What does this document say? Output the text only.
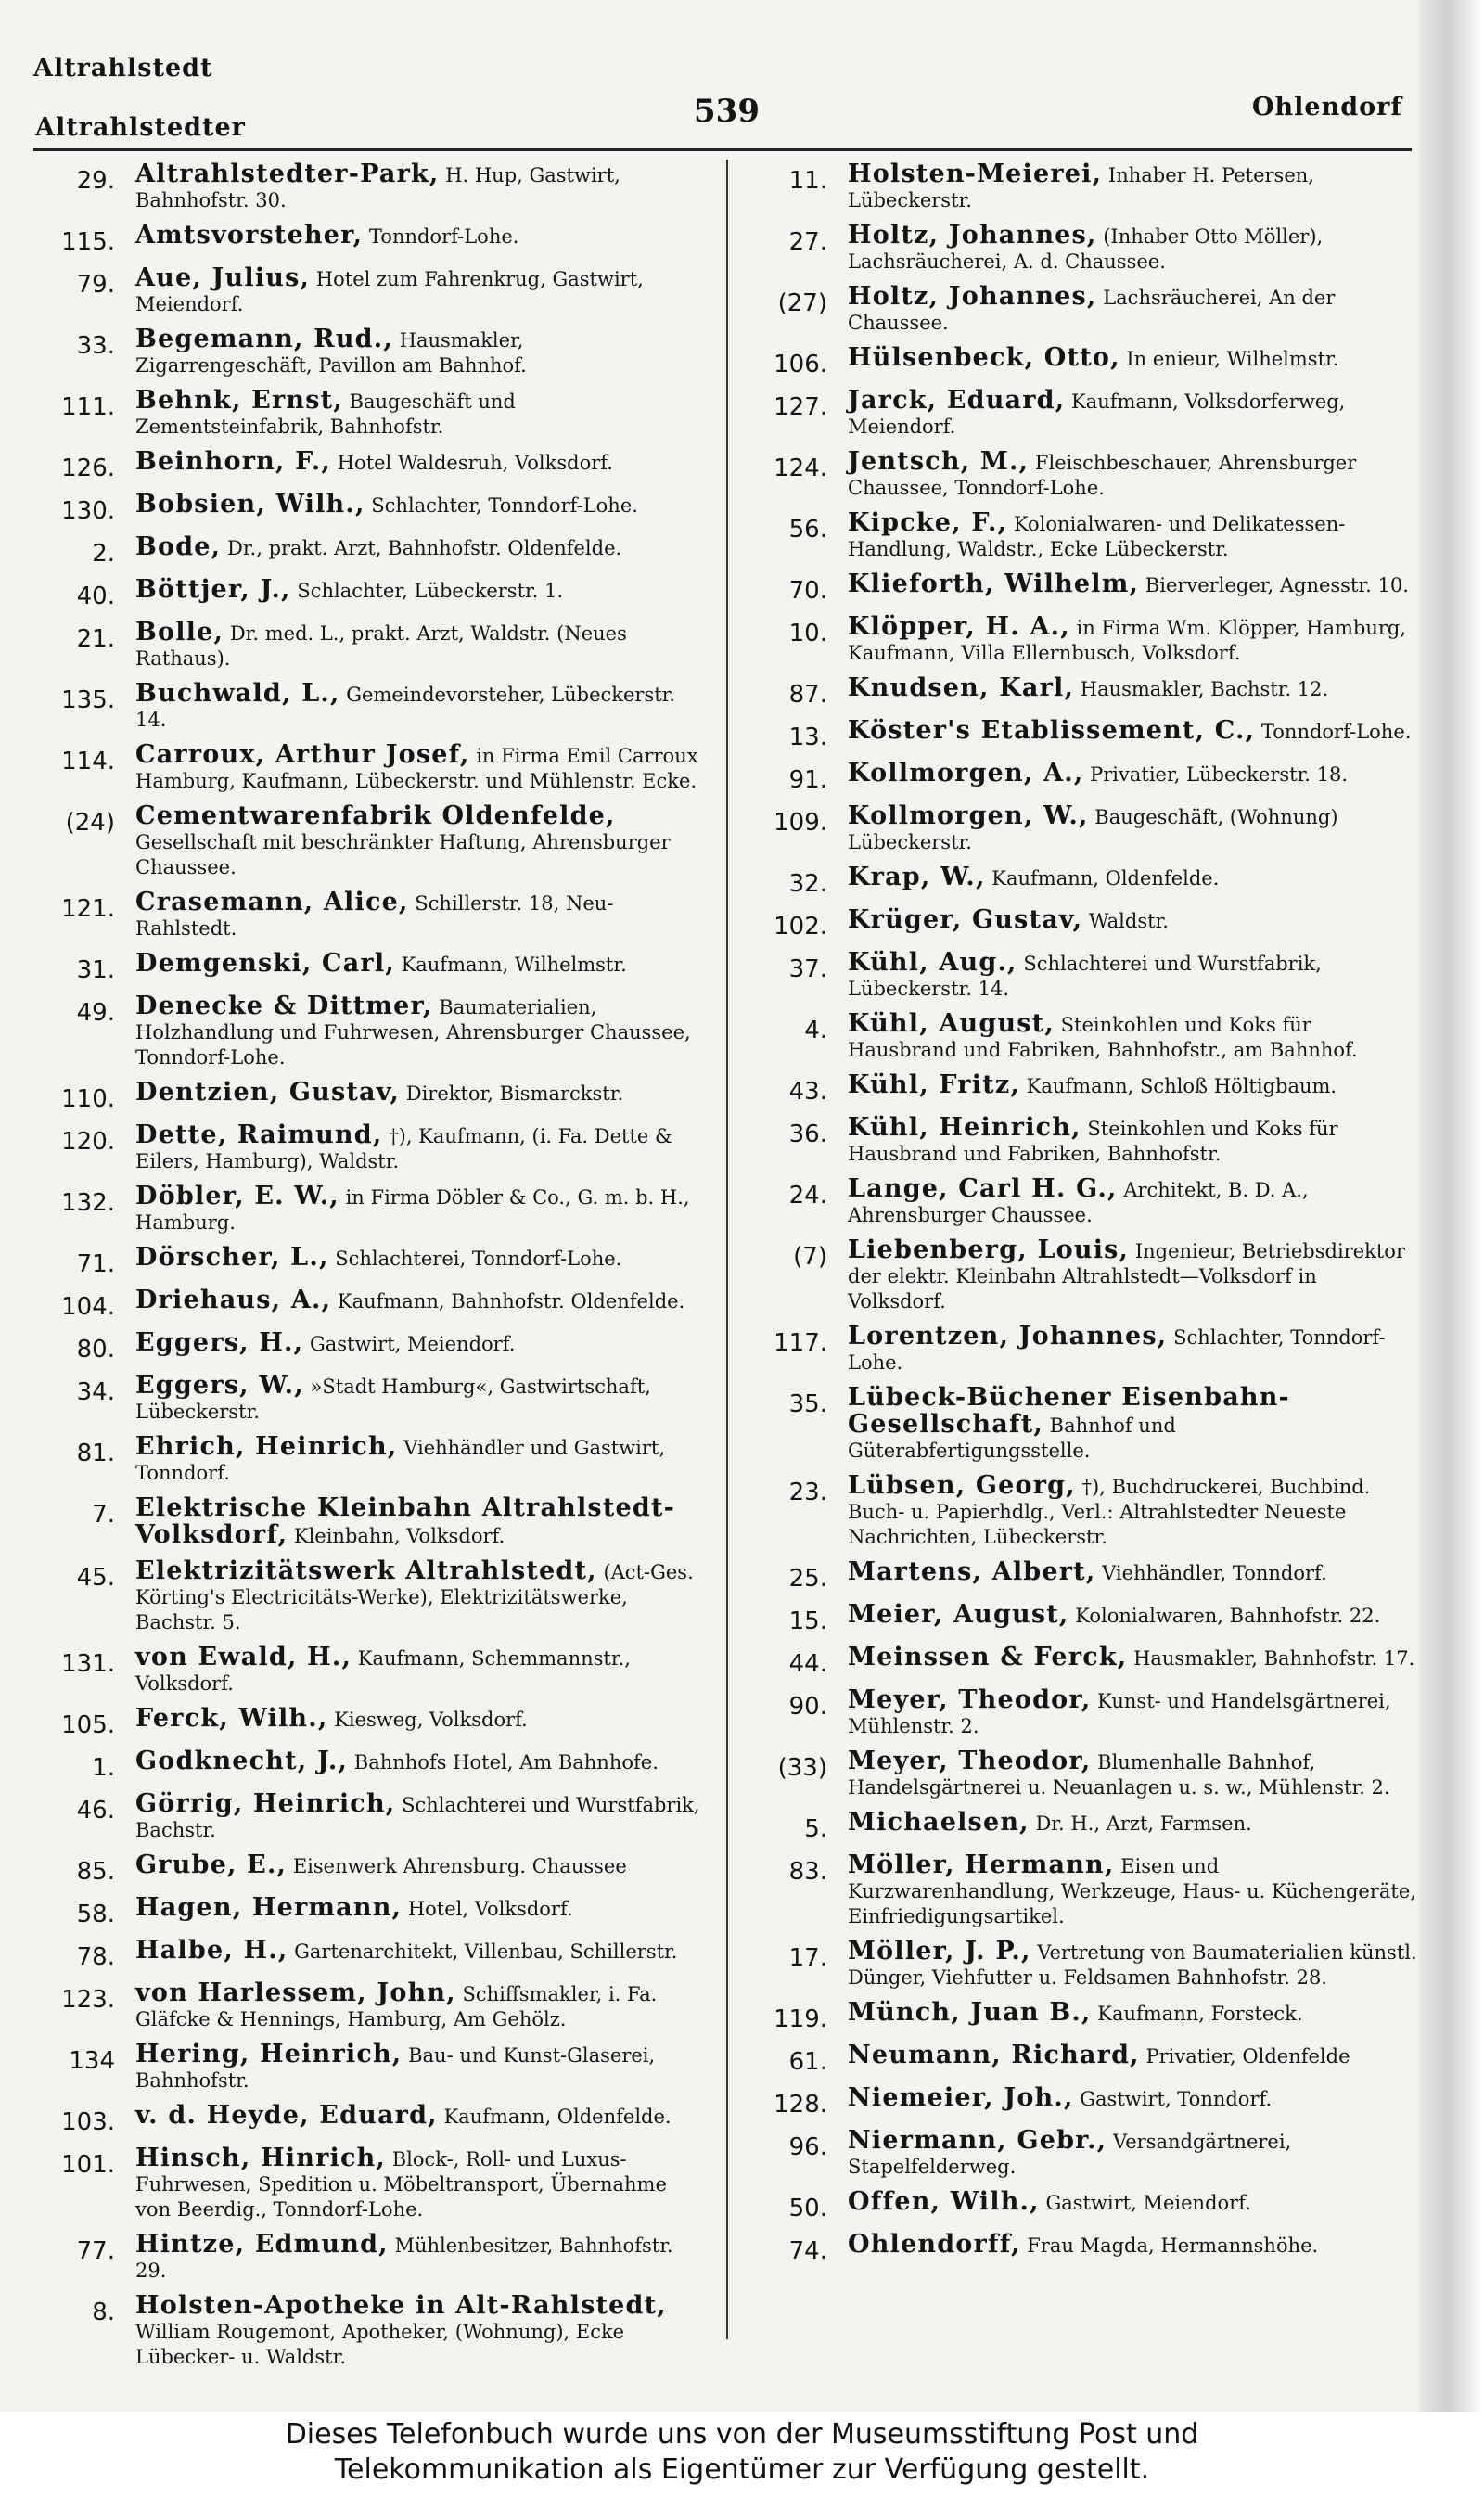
Altrahlstedt
Altrahlstedter	539	Ohlendorf
29. Altrahlstedter-Park, H. Hup, Gastwirt, Bahnhofstr. 30.
115. Amtsvorsteher, Tonndorf-Lohe.
79. Aue, Julius, Hotel zum Fahrenkrug, Gastwirt, Meiendorf.
33. Begemann, Rud., Hausmakler, Zigarrengeschäft, Pavillon am Bahnhof.
111. Behnk, Ernst, Baugeschäft und Zementsteinfabrik, Bahnhofstr.
126. Beinhorn, F., Hotel Waldesruh, Volksdorf.
130. Bobsien, Wilh., Schlachter, Tonndorf-Lohe.
2. Bode, Dr., prakt. Arzt, Bahnhofstr. Oldenfelde.
40. Böttjer, J., Schlachter, Lübeckerstr. 1.
21. Bolle, Dr. med. L., prakt. Arzt, Waldstr. (Neues Rathaus).
135. Buchwald, L., Gemeindevorsteher, Lübeckerstr. 14.
114. Carroux, Arthur Josef, in Firma Emil Carroux Hamburg, Kaufmann, Lübeckerstr. und Mühlenstr. Ecke.
(24) Cementwarenfabrik Oldenfelde, Gesellschaft mit beschränkter Haftung, Ahrensburger Chaussee.
121. Crasemann, Alice, Schillerstr. 18, Neu-Rahlstedt.
31. Demgenski, Carl, Kaufmann, Wilhelmstr.
49. Denecke & Dittmer, Baumaterialien, Holzhandlung und Fuhrwesen, Ahrensburger Chaussee, Tonndorf-Lohe.
110. Dentzien, Gustav, Direktor, Bismarckstr.
120. Dette, Raimund, †), Kaufmann, (i. Fa. Dette & Eilers, Hamburg), Waldstr.
132. Döbler, E. W., in Firma Döbler & Co., G. m. b. H., Hamburg.
71. Dörscher, L., Schlachterei, Tonndorf-Lohe.
104. Driehaus, A., Kaufmann, Bahnhofstr. Oldenfelde.
80. Eggers, H., Gastwirt, Meiendorf.
34. Eggers, W., »Stadt Hamburg«, Gastwirtschaft, Lübeckerstr.
81. Ehrich, Heinrich, Viehhändler und Gastwirt, Tonndorf.
7. Elektrische Kleinbahn Altrahlstedt-Volksdorf, Kleinbahn, Volksdorf.
45. Elektrizitätswerk Altrahlstedt, (Act-Ges. Körting's Electricitäts-Werke), Elektrizitätswerke, Bachstr. 5.
131. von Ewald, H., Kaufmann, Schemmannstr., Volksdorf.
105. Ferck, Wilh., Kiesweg, Volksdorf.
1. Godknecht, J., Bahnhofs Hotel, Am Bahnhofe.
46. Görrig, Heinrich, Schlachterei und Wurstfabrik, Bachstr.
85. Grube, E., Eisenwerk Ahrensburg. Chaussee
58. Hagen, Hermann, Hotel, Volksdorf.
78. Halbe, H., Gartenarchitekt, Villenbau, Schillerstr.
123. von Harlessem, John, Schiffsmakler, i. Fa. Gläfcke & Hennings, Hamburg, Am Gehölz.
134 Hering, Heinrich, Bau- und Kunst-Glaserei, Bahnhofstr.
103. v. d. Heyde, Eduard, Kaufmann, Oldenfelde.
101. Hinsch, Hinrich, Block-, Roll- und Luxus-Fuhrwesen, Spedition u. Möbeltransport, Übernahme von Beerdig., Tonndorf-Lohe.
77. Hintze, Edmund, Mühlenbesitzer, Bahnhofstr. 29.
8. Holsten-Apotheke in Alt-Rahlstedt, William Rougemont, Apotheker, (Wohnung), Ecke Lübecker- u. Waldstr.
11. Holsten-Meierei, Inhaber H. Petersen, Lübeckerstr.
27. Holtz, Johannes, (Inhaber Otto Möller), Lachsräucherei, A. d. Chaussee.
(27) Holtz, Johannes, Lachsräucherei, An der Chaussee.
106. Hülsenbeck, Otto, In enieur, Wilhelmstr.
127. Jarck, Eduard, Kaufmann, Volksdorferweg, Meiendorf.
124. Jentsch, M., Fleischbeschauer, Ahrensburger Chaussee, Tonndorf-Lohe.
56. Kipcke, F., Kolonialwaren- und Delikatessen-Handlung, Waldstr., Ecke Lübeckerstr.
70. Klieforth, Wilhelm, Bierverleger, Agnesstr. 10.
10. Klöpper, H. A., in Firma Wm. Klöpper, Hamburg, Kaufmann, Villa Ellernbusch, Volksdorf.
87. Knudsen, Karl, Hausmakler, Bachstr. 12.
13. Köster's Etablissement, C., Tonndorf-Lohe.
91. Kollmorgen, A., Privatier, Lübeckerstr. 18.
109. Kollmorgen, W., Baugeschäft, (Wohnung) Lübeckerstr.
32. Krap, W., Kaufmann, Oldenfelde.
102. Krüger, Gustav, Waldstr.
37. Kühl, Aug., Schlachterei und Wurstfabrik, Lübeckerstr. 14.
4. Kühl, August, Steinkohlen und Koks für Hausbrand und Fabriken, Bahnhofstr., am Bahnhof.
43. Kühl, Fritz, Kaufmann, Schloß Höltigbaum.
36. Kühl, Heinrich, Steinkohlen und Koks für Hausbrand und Fabriken, Bahnhofstr.
24. Lange, Carl H. G., Architekt, B. D. A., Ahrensburger Chaussee.
(7) Liebenberg, Louis, Ingenieur, Betriebsdirektor der elektr. Kleinbahn Altrahlstedt—Volksdorf in Volksdorf.
117. Lorentzen, Johannes, Schlachter, Tonndorf-Lohe.
35. Lübeck-Büchener Eisenbahn-Gesellschaft, Bahnhof und Güterabfertigungsstelle.
23. Lübsen, Georg, †), Buchdruckerei, Buchbind. Buch- u. Papierhdlg., Verl.: Altrahlstedter Neueste Nachrichten, Lübeckerstr.
25. Martens, Albert, Viehhändler, Tonndorf.
15. Meier, August, Kolonialwaren, Bahnhofstr. 22.
44. Meinssen & Ferck, Hausmakler, Bahnhofstr. 17.
90. Meyer, Theodor, Kunst- und Handelsgärtnerei, Mühlenstr. 2.
(33) Meyer, Theodor, Blumenhalle Bahnhof, Handelsgärtnerei u. Neuanlagen u. s. w., Mühlenstr. 2.
5. Michaelsen, Dr. H., Arzt, Farmsen.
83. Möller, Hermann, Eisen und Kurzwarenhandlung, Werkzeuge, Haus- u. Küchengeräte, Einfriedigungsartikel.
17. Möller, J. P., Vertretung von Baumaterialien künstl. Dünger, Viehfutter u. Feldsamen Bahnhofstr. 28.
119. Münch, Juan B., Kaufmann, Forsteck.
61. Neumann, Richard, Privatier, Oldenfelde
128. Niemeier, Joh., Gastwirt, Tonndorf.
96. Niermann, Gebr., Versandgärtnerei, Stapelfelderweg.
50. Offen, Wilh., Gastwirt, Meiendorf.
74. Ohlendorff, Frau Magda, Hermannshöhe.
Dieses Telefonbuch wurde uns von der Museumsstiftung Post und
Telekommunikation als Eigentümer zur Verfügung gestellt.
